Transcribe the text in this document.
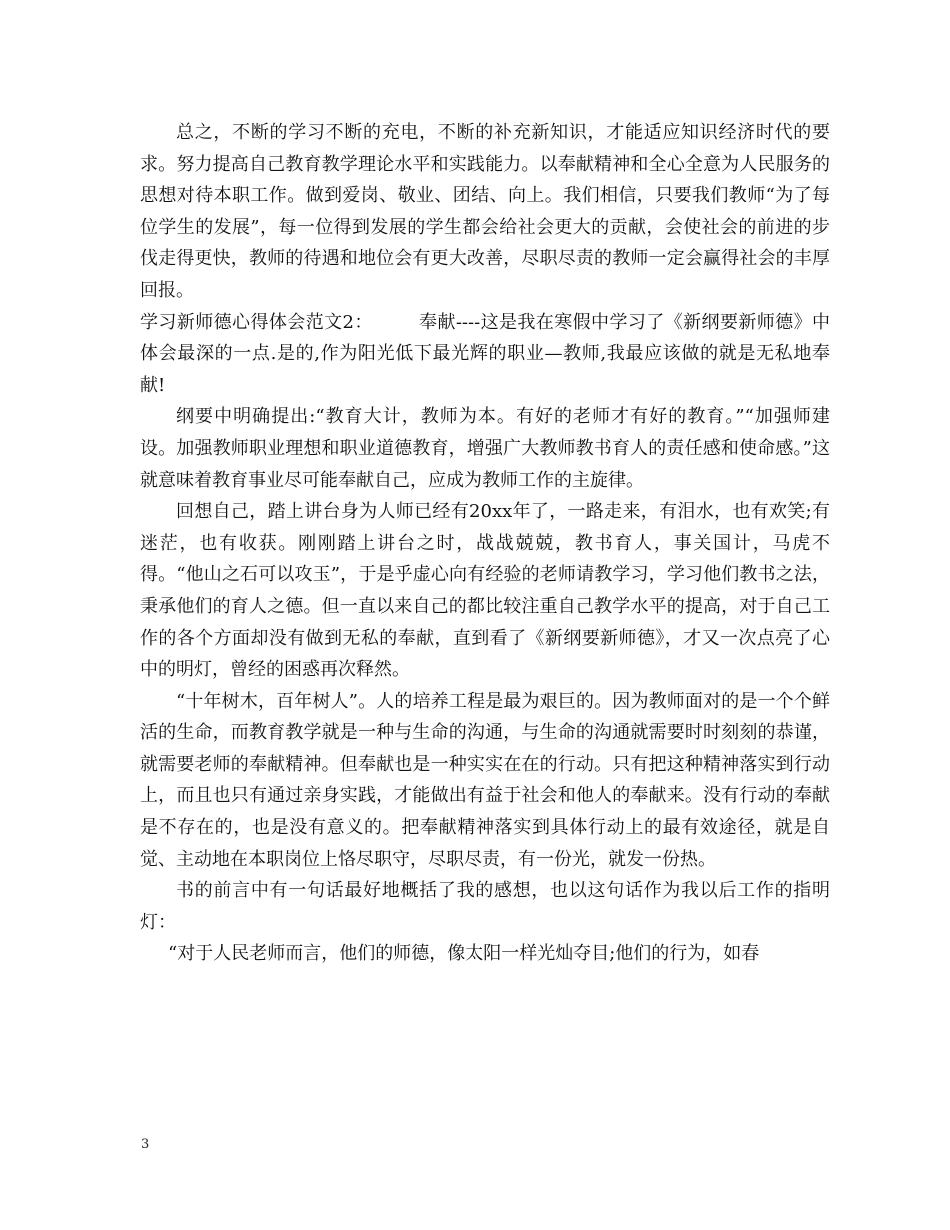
总之，不断的学习不断的充电，不断的补充新知识，才能适应知识经济时代的要求。努力提高自己教育教学理论水平和实践能力。以奉献精神和全心全意为人民服务的思想对待本职工作。做到爱岗、敬业、团结、向上。我们相信，只要我们教师“为了每位学生的发展”，每一位得到发展的学生都会给社会更大的贡献，会使社会的前进的步伐走得更快，教师的待遇和地位会有更大改善，尽职尽责的教师一定会赢得社会的丰厚回报。

学习新师德心得体会范文2：　　　奉献----这是我在寒假中学习了《新纲要新师德》中体会最深的一点.是的,作为阳光低下最光辉的职业—教师,我最应该做的就是无私地奉献!

纲要中明确提出:“教育大计，教师为本。有好的老师才有好的教育。”“加强师建设。加强教师职业理想和职业道德教育，增强广大教师教书育人的责任感和使命感。”这就意味着教育事业尽可能奉献自己，应成为教师工作的主旋律。

回想自己，踏上讲台身为人师已经有20xx年了，一路走来，有泪水，也有欢笑;有迷茫，也有收获。刚刚踏上讲台之时，战战兢兢，教书育人，事关国计，马虎不得。“他山之石可以攻玉”，于是乎虚心向有经验的老师请教学习，学习他们教书之法，秉承他们的育人之德。但一直以来自己的都比较注重自己教学水平的提高，对于自己工作的各个方面却没有做到无私的奉献，直到看了《新纲要新师德》，才又一次点亮了心中的明灯，曾经的困惑再次释然。

“十年树木，百年树人”。人的培养工程是最为艰巨的。因为教师面对的是一个个鲜活的生命，而教育教学就是一种与生命的沟通，与生命的沟通就需要时时刻刻的恭谨，就需要老师的奉献精神。但奉献也是一种实实在在的行动。只有把这种精神落实到行动上，而且也只有通过亲身实践，才能做出有益于社会和他人的奉献来。没有行动的奉献是不存在的，也是没有意义的。把奉献精神落实到具体行动上的最有效途径，就是自觉、主动地在本职岗位上恪尽职守，尽职尽责，有一份光，就发一份热。

书的前言中有一句话最好地概括了我的感想，也以这句话作为我以后工作的指明灯：

“对于人民老师而言，他们的师德，像太阳一样光灿夺目;他们的行为，如春

3
